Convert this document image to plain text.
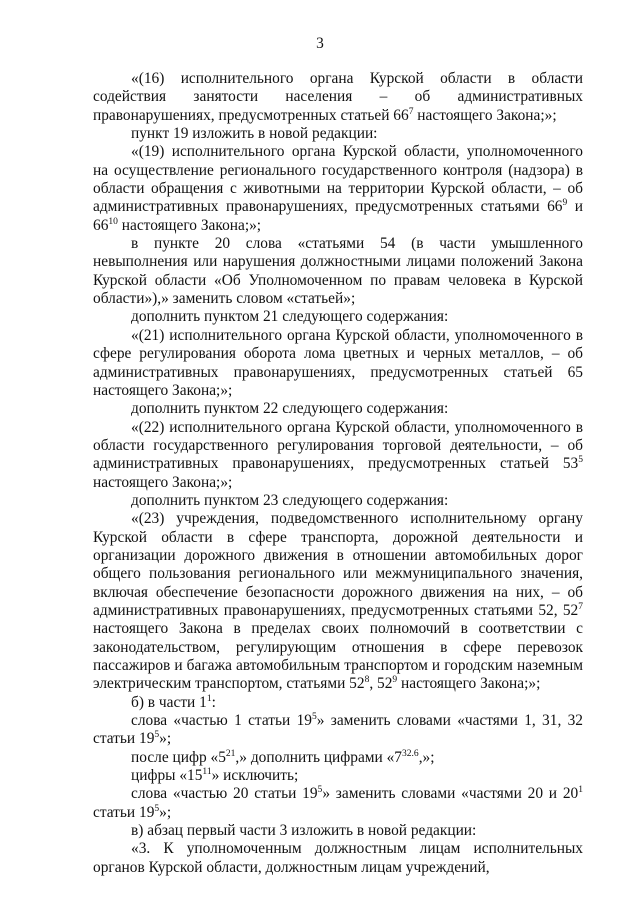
3
«(16) исполнительного органа Курской области в области содействия занятости населения – об административных правонарушениях, предусмотренных статьей $66^7$ настоящего Закона;»;
пункт 19 изложить в новой редакции:
«(19) исполнительного органа Курской области, уполномоченного на осуществление регионального государственного контроля (надзора) в области обращения с животными на территории Курской области, – об административных правонарушениях, предусмотренных статьями $66^9$ и $66^{10}$ настоящего Закона;»;
в пункте 20 слова «статьями 54 (в части умышленного невыполнения или нарушения должностными лицами положений Закона Курской области «Об Уполномоченном по правам человека в Курской области»),» заменить словом «статьей»;
дополнить пунктом 21 следующего содержания:
«(21) исполнительного органа Курской области, уполномоченного в сфере регулирования оборота лома цветных и черных металлов, – об административных правонарушениях, предусмотренных статьей 65 настоящего Закона;»;
дополнить пунктом 22 следующего содержания:
«(22) исполнительного органа Курской области, уполномоченного в области государственного регулирования торговой деятельности, – об административных правонарушениях, предусмотренных статьей $53^5$ настоящего Закона;»;
дополнить пунктом 23 следующего содержания:
«(23) учреждения, подведомственного исполнительному органу Курской области в сфере транспорта, дорожной деятельности и организации дорожного движения в отношении автомобильных дорог общего пользования регионального или межмуниципального значения, включая обеспечение безопасности дорожного движения на них, – об административных правонарушениях, предусмотренных статьями 52, $52^7$ настоящего Закона в пределах своих полномочий в соответствии с законодательством, регулирующим отношения в сфере перевозок пассажиров и багажа автомобильным транспортом и городским наземным электрическим транспортом, статьями $52^8$, $52^9$ настоящего Закона;»;
б) в части $1^1$:
слова «частью 1 статьи $19^5$» заменить словами «частями 1, 31, 32 статьи $19^5$»;
после цифр «$5^{21}$,» дополнить цифрами «$7^{32.6}$,»;
цифры «$15^{11}$» исключить;
слова «частью 20 статьи $19^5$» заменить словами «частями 20 и $20^1$ статьи $19^5$»;
в) абзац первый части 3 изложить в новой редакции:
«3. К уполномоченным должностным лицам исполнительных органов Курской области, должностным лицам учреждений,
